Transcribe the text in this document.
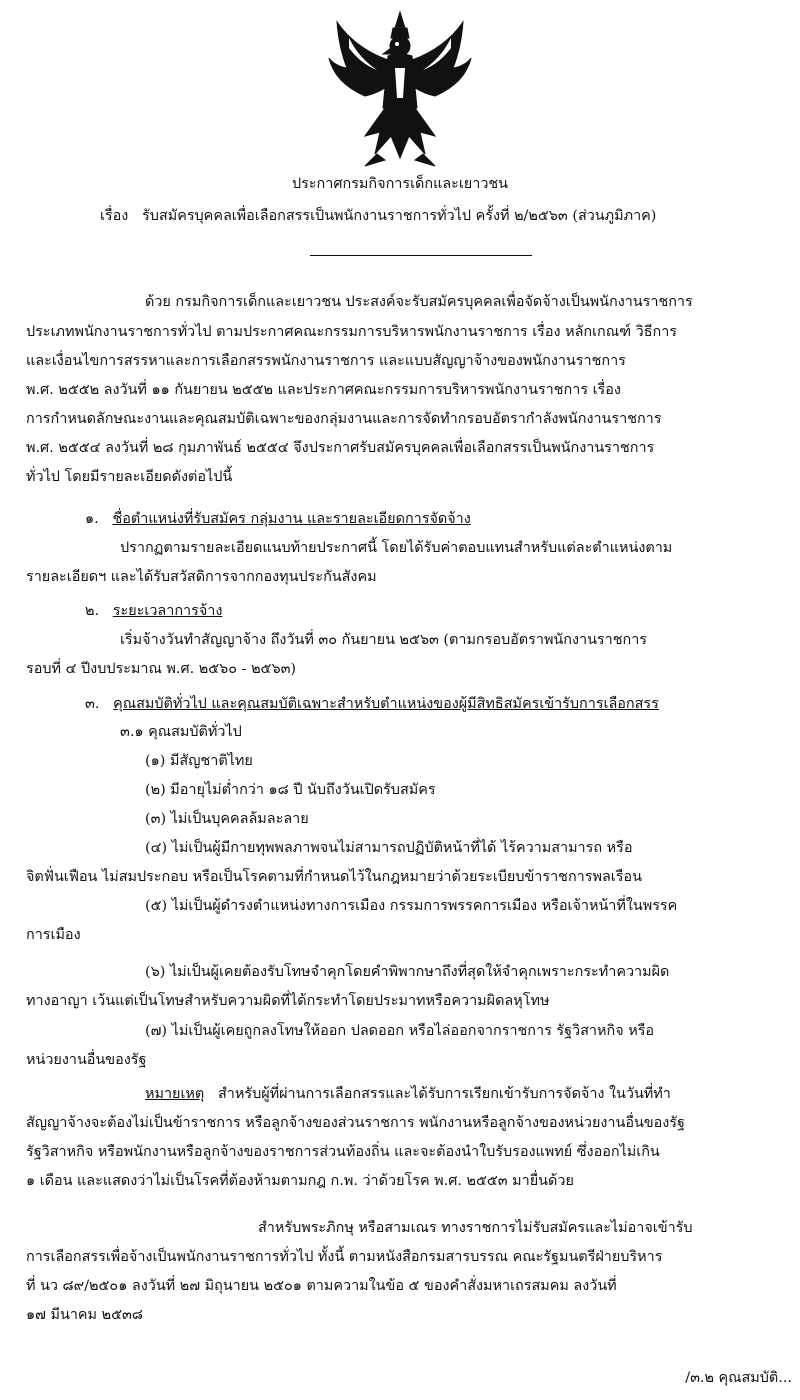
ประกาศกรมกิจการเด็กและเยาวชน
เรื่อง รับสมัครบุคคลเพื่อเลือกสรรเป็นพนักงานราชการทั่วไป ครั้งที่ ๒/๒๕๖๓ (ส่วนภูมิภาค)
ด้วย กรมกิจการเด็กและเยาวชน ประสงค์จะรับสมัครบุคคลเพื่อจัดจ้างเป็นพนักงานราชการ
ประเภทพนักงานราชการทั่วไป ตามประกาศคณะกรรมการบริหารพนักงานราชการ เรื่อง หลักเกณฑ์ วิธีการ
และเงื่อนไขการสรรหาและการเลือกสรรพนักงานราชการ และแบบสัญญาจ้างของพนักงานราชการ
พ.ศ. ๒๕๕๒ ลงวันที่ ๑๑ กันยายน ๒๕๕๒ และประกาศคณะกรรมการบริหารพนักงานราชการ เรื่อง
การกำหนดลักษณะงานและคุณสมบัติเฉพาะของกลุ่มงานและการจัดทำกรอบอัตรากำลังพนักงานราชการ
พ.ศ. ๒๕๕๔ ลงวันที่ ๒๘ กุมภาพันธ์ ๒๕๕๔ จึงประกาศรับสมัครบุคคลเพื่อเลือกสรรเป็นพนักงานราชการ
ทั่วไป โดยมีรายละเอียดดังต่อไปนี้
๑. ชื่อตำแหน่งที่รับสมัคร กลุ่มงาน และรายละเอียดการจัดจ้าง
ปรากฏตามรายละเอียดแนบท้ายประกาศนี้ โดยได้รับค่าตอบแทนสำหรับแต่ละตำแหน่งตาม
รายละเอียดฯ และได้รับสวัสดิการจากกองทุนประกันสังคม
๒. ระยะเวลาการจ้าง
เริ่มจ้างวันทำสัญญาจ้าง ถึงวันที่ ๓๐ กันยายน ๒๕๖๓ (ตามกรอบอัตราพนักงานราชการ
รอบที่ ๔ ปีงบประมาณ พ.ศ. ๒๕๖๐ - ๒๕๖๓)
๓. คุณสมบัติทั่วไป และคุณสมบัติเฉพาะสำหรับตำแหน่งของผู้มีสิทธิสมัครเข้ารับการเลือกสรร
๓.๑ คุณสมบัติทั่วไป
(๑) มีสัญชาติไทย
(๒) มีอายุไม่ต่ำกว่า ๑๘ ปี นับถึงวันเปิดรับสมัคร
(๓) ไม่เป็นบุคคลล้มละลาย
(๔) ไม่เป็นผู้มีกายทุพพลภาพจนไม่สามารถปฏิบัติหน้าที่ได้ ไร้ความสามารถ หรือ
จิตฟั่นเฟือน ไม่สมประกอบ หรือเป็นโรคตามที่กำหนดไว้ในกฎหมายว่าด้วยระเบียบข้าราชการพลเรือน
(๕) ไม่เป็นผู้ดำรงตำแหน่งทางการเมือง กรรมการพรรคการเมือง หรือเจ้าหน้าที่ในพรรค
การเมือง
(๖) ไม่เป็นผู้เคยต้องรับโทษจำคุกโดยคำพิพากษาถึงที่สุดให้จำคุกเพราะกระทำความผิด
ทางอาญา เว้นแต่เป็นโทษสำหรับความผิดที่ได้กระทำโดยประมาทหรือความผิดลหุโทษ
(๗) ไม่เป็นผู้เคยถูกลงโทษให้ออก ปลดออก หรือไล่ออกจากราชการ รัฐวิสาหกิจ หรือ
หน่วยงานอื่นของรัฐ
หมายเหตุ สำหรับผู้ที่ผ่านการเลือกสรรและได้รับการเรียกเข้ารับการจัดจ้าง ในวันที่ทำ
สัญญาจ้างจะต้องไม่เป็นข้าราชการ หรือลูกจ้างของส่วนราชการ พนักงานหรือลูกจ้างของหน่วยงานอื่นของรัฐ
รัฐวิสาหกิจ หรือพนักงานหรือลูกจ้างของราชการส่วนท้องถิ่น และจะต้องนำใบรับรองแพทย์ ซึ่งออกไม่เกิน
๑ เดือน และแสดงว่าไม่เป็นโรคที่ต้องห้ามตามกฎ ก.พ. ว่าด้วยโรค พ.ศ. ๒๕๕๓ มายื่นด้วย
สำหรับพระภิกษุ หรือสามเณร ทางราชการไม่รับสมัครและไม่อาจเข้ารับ
การเลือกสรรเพื่อจ้างเป็นพนักงานราชการทั่วไป ทั้งนี้ ตามหนังสือกรมสารบรรณ คณะรัฐมนตรีฝ่ายบริหาร
ที่ นว ๘๙/๒๕๐๑ ลงวันที่ ๒๗ มิถุนายน ๒๕๐๑ ตามความในข้อ ๕ ของคำสั่งมหาเถรสมคม ลงวันที่
๑๗ มีนาคม ๒๕๓๘
/๓.๒ คุณสมบัติ...
